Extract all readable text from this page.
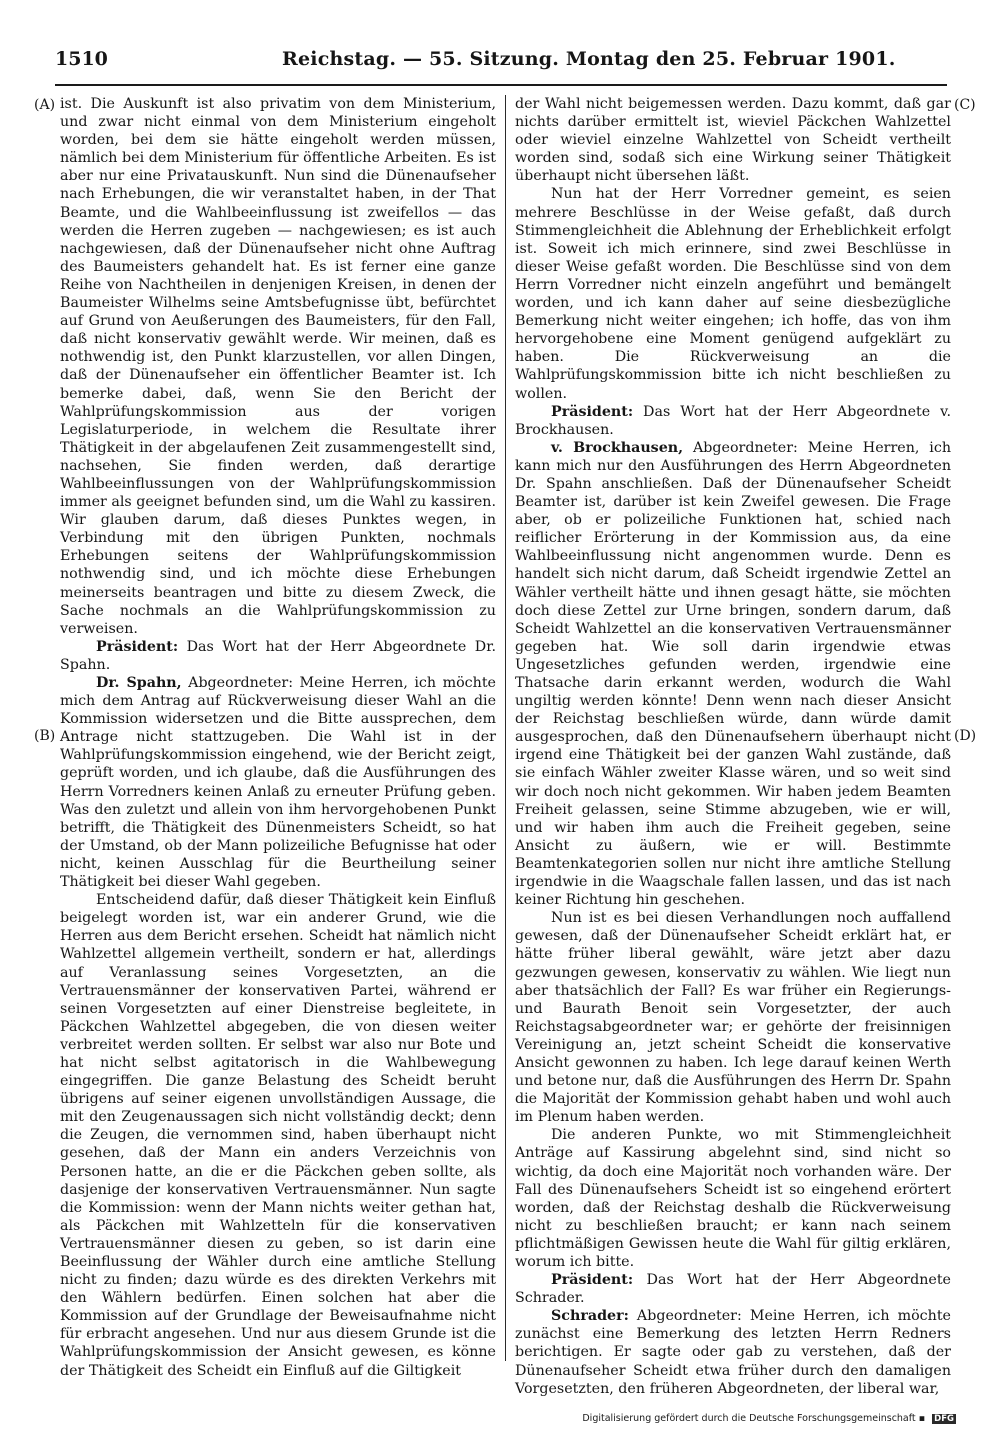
1510	Reichstag. — 55. Sitzung. Montag den 25. Februar 1901.
(A)
(B)
(C)
(D)

ist. Die Auskunft ist also privatim von dem Ministerium, und zwar nicht einmal von dem Ministerium eingeholt worden, bei dem sie hätte eingeholt werden müssen, nämlich bei dem Ministerium für öffentliche Arbeiten. Es ist aber nur eine Privatauskunft. Nun sind die Dünenaufseher nach Erhebungen, die wir veranstaltet haben, in der That Beamte, und die Wahlbeeinflussung ist zweifellos — das werden die Herren zugeben — nachgewiesen; es ist auch nachgewiesen, daß der Dünenaufseher nicht ohne Auftrag des Baumeisters gehandelt hat. Es ist ferner eine ganze Reihe von Nachtheilen in denjenigen Kreisen, in denen der Baumeister Wilhelms seine Amtsbefugnisse übt, befürchtet auf Grund von Aeußerungen des Baumeisters, für den Fall, daß nicht konservativ gewählt werde. Wir meinen, daß es nothwendig ist, den Punkt klarzustellen, vor allen Dingen, daß der Dünenaufseher ein öffentlicher Beamter ist. Ich bemerke dabei, daß, wenn Sie den Bericht der Wahlprüfungskommission aus der vorigen Legislaturperiode, in welchem die Resultate ihrer Thätigkeit in der abgelaufenen Zeit zusammengestellt sind, nachsehen, Sie finden werden, daß derartige Wahlbeeinflussungen von der Wahlprüfungskommission immer als geeignet befunden sind, um die Wahl zu kassiren. Wir glauben darum, daß dieses Punktes wegen, in Verbindung mit den übrigen Punkten, nochmals Erhebungen seitens der Wahlprüfungskommission nothwendig sind, und ich möchte diese Erhebungen meinerseits beantragen und bitte zu diesem Zweck, die Sache nochmals an die Wahlprüfungskommission zu verweisen.

Präsident: Das Wort hat der Herr Abgeordnete Dr. Spahn.

Dr. Spahn, Abgeordneter: Meine Herren, ich möchte mich dem Antrag auf Rückverweisung dieser Wahl an die Kommission widersetzen und die Bitte aussprechen, dem Antrage nicht stattzugeben. Die Wahl ist in der Wahlprüfungskommission eingehend, wie der Bericht zeigt, geprüft worden, und ich glaube, daß die Ausführungen des Herrn Vorredners keinen Anlaß zu erneuter Prüfung geben. Was den zuletzt und allein von ihm hervorgehobenen Punkt betrifft, die Thätigkeit des Dünenmeisters Scheidt, so hat der Umstand, ob der Mann polizeiliche Befugnisse hat oder nicht, keinen Ausschlag für die Beurtheilung seiner Thätigkeit bei dieser Wahl gegeben.

Entscheidend dafür, daß dieser Thätigkeit kein Einfluß beigelegt worden ist, war ein anderer Grund, wie die Herren aus dem Bericht ersehen. Scheidt hat nämlich nicht Wahlzettel allgemein vertheilt, sondern er hat, allerdings auf Veranlassung seines Vorgesetzten, an die Vertrauensmänner der konservativen Partei, während er seinen Vorgesetzten auf einer Dienstreise begleitete, in Päckchen Wahlzettel abgegeben, die von diesen weiter verbreitet werden sollten. Er selbst war also nur Bote und hat nicht selbst agitatorisch in die Wahlbewegung eingegriffen. Die ganze Belastung des Scheidt beruht übrigens auf seiner eigenen unvollständigen Aussage, die mit den Zeugenaussagen sich nicht vollständig deckt; denn die Zeugen, die vernommen sind, haben überhaupt nicht gesehen, daß der Mann ein anders Verzeichnis von Personen hatte, an die er die Päckchen geben sollte, als dasjenige der konservativen Vertrauensmänner. Nun sagte die Kommission: wenn der Mann nichts weiter gethan hat, als Päckchen mit Wahlzetteln für die konservativen Vertrauensmänner diesen zu geben, so ist darin eine Beeinflussung der Wähler durch eine amtliche Stellung nicht zu finden; dazu würde es des direkten Verkehrs mit den Wählern bedürfen. Einen solchen hat aber die Kommission auf der Grundlage der Beweisaufnahme nicht für erbracht angesehen. Und nur aus diesem Grunde ist die Wahlprüfungskommission der Ansicht gewesen, es könne der Thätigkeit des Scheidt ein Einfluß auf die Giltigkeit

der Wahl nicht beigemessen werden. Dazu kommt, daß gar nichts darüber ermittelt ist, wieviel Päckchen Wahlzettel oder wieviel einzelne Wahlzettel von Scheidt vertheilt worden sind, sodaß sich eine Wirkung seiner Thätigkeit überhaupt nicht übersehen läßt.

Nun hat der Herr Vorredner gemeint, es seien mehrere Beschlüsse in der Weise gefaßt, daß durch Stimmengleichheit die Ablehnung der Erheblichkeit erfolgt ist. Soweit ich mich erinnere, sind zwei Beschlüsse in dieser Weise gefaßt worden. Die Beschlüsse sind von dem Herrn Vorredner nicht einzeln angeführt und bemängelt worden, und ich kann daher auf seine diesbezügliche Bemerkung nicht weiter eingehen; ich hoffe, das von ihm hervorgehobene eine Moment genügend aufgeklärt zu haben. Die Rückverweisung an die Wahlprüfungskommission bitte ich nicht beschließen zu wollen.

Präsident: Das Wort hat der Herr Abgeordnete v. Brockhausen.

v. Brockhausen, Abgeordneter: Meine Herren, ich kann mich nur den Ausführungen des Herrn Abgeordneten Dr. Spahn anschließen. Daß der Dünenaufseher Scheidt Beamter ist, darüber ist kein Zweifel gewesen. Die Frage aber, ob er polizeiliche Funktionen hat, schied nach reiflicher Erörterung in der Kommission aus, da eine Wahlbeeinflussung nicht angenommen wurde. Denn es handelt sich nicht darum, daß Scheidt irgendwie Zettel an Wähler vertheilt hätte und ihnen gesagt hätte, sie möchten doch diese Zettel zur Urne bringen, sondern darum, daß Scheidt Wahlzettel an die konservativen Vertrauensmänner gegeben hat. Wie soll darin irgendwie etwas Ungesetzliches gefunden werden, irgendwie eine Thatsache darin erkannt werden, wodurch die Wahl ungiltig werden könnte! Denn wenn nach dieser Ansicht der Reichstag beschließen würde, dann würde damit ausgesprochen, daß den Dünenaufsehern überhaupt nicht irgend eine Thätigkeit bei der ganzen Wahl zustände, daß sie einfach Wähler zweiter Klasse wären, und so weit sind wir doch noch nicht gekommen. Wir haben jedem Beamten Freiheit gelassen, seine Stimme abzugeben, wie er will, und wir haben ihm auch die Freiheit gegeben, seine Ansicht zu äußern, wie er will. Bestimmte Beamtenkategorien sollen nur nicht ihre amtliche Stellung irgendwie in die Waagschale fallen lassen, und das ist nach keiner Richtung hin geschehen.

Nun ist es bei diesen Verhandlungen noch auffallend gewesen, daß der Dünenaufseher Scheidt erklärt hat, er hätte früher liberal gewählt, wäre jetzt aber dazu gezwungen gewesen, konservativ zu wählen. Wie liegt nun aber thatsächlich der Fall? Es war früher ein Regierungs- und Baurath Benoit sein Vorgesetzter, der auch Reichstagsabgeordneter war; er gehörte der freisinnigen Vereinigung an, jetzt scheint Scheidt die konservative Ansicht gewonnen zu haben. Ich lege darauf keinen Werth und betone nur, daß die Ausführungen des Herrn Dr. Spahn die Majorität der Kommission gehabt haben und wohl auch im Plenum haben werden.

Die anderen Punkte, wo mit Stimmengleichheit Anträge auf Kassirung abgelehnt sind, sind nicht so wichtig, da doch eine Majorität noch vorhanden wäre. Der Fall des Dünenaufsehers Scheidt ist so eingehend erörtert worden, daß der Reichstag deshalb die Rückverweisung nicht zu beschließen braucht; er kann nach seinem pflichtmäßigen Gewissen heute die Wahl für giltig erklären, worum ich bitte.

Präsident: Das Wort hat der Herr Abgeordnete Schrader.

Schrader: Abgeordneter: Meine Herren, ich möchte zunächst eine Bemerkung des letzten Herrn Redners berichtigen. Er sagte oder gab zu verstehen, daß der Dünenaufseher Scheidt etwa früher durch den damaligen Vorgesetzten, den früheren Abgeordneten, der liberal war,

Digitalisierung gefördert durch die Deutsche Forschungsgemeinschaft ▪ DFG
